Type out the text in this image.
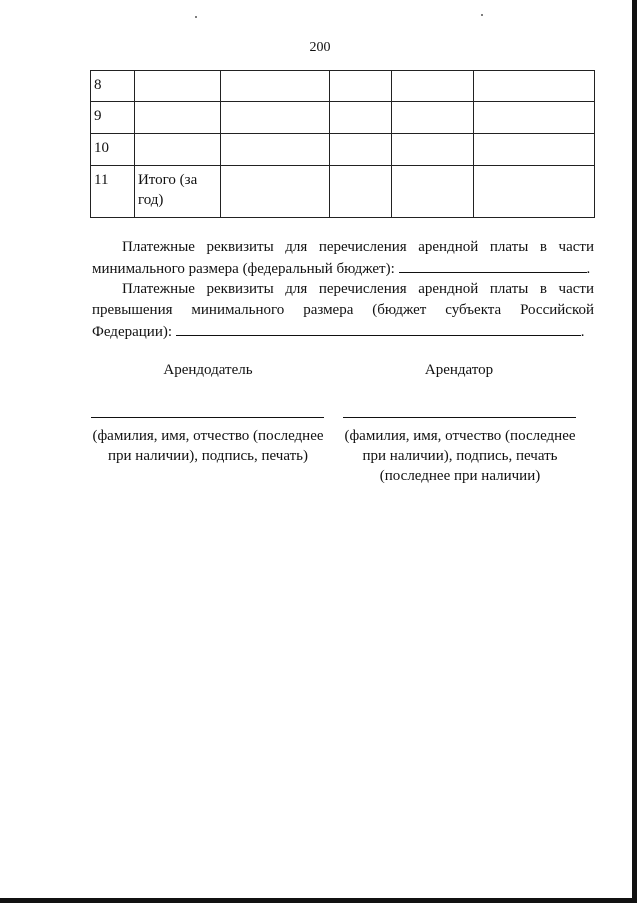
200
8					
9					
10					
11	Итого (за год)				
Платежные реквизиты для перечисления арендной платы в части минимального размера (федеральный бюджет):	.
Платежные реквизиты для перечисления арендной платы в части превышения минимального размера (бюджет субъекта Российской Федерации):	.
Арендодатель	Арендатор
(фамилия, имя, отчество (последнее при наличии), подпись, печать)
(фамилия, имя, отчество (последнее при наличии), подпись, печать (последнее при наличии)
